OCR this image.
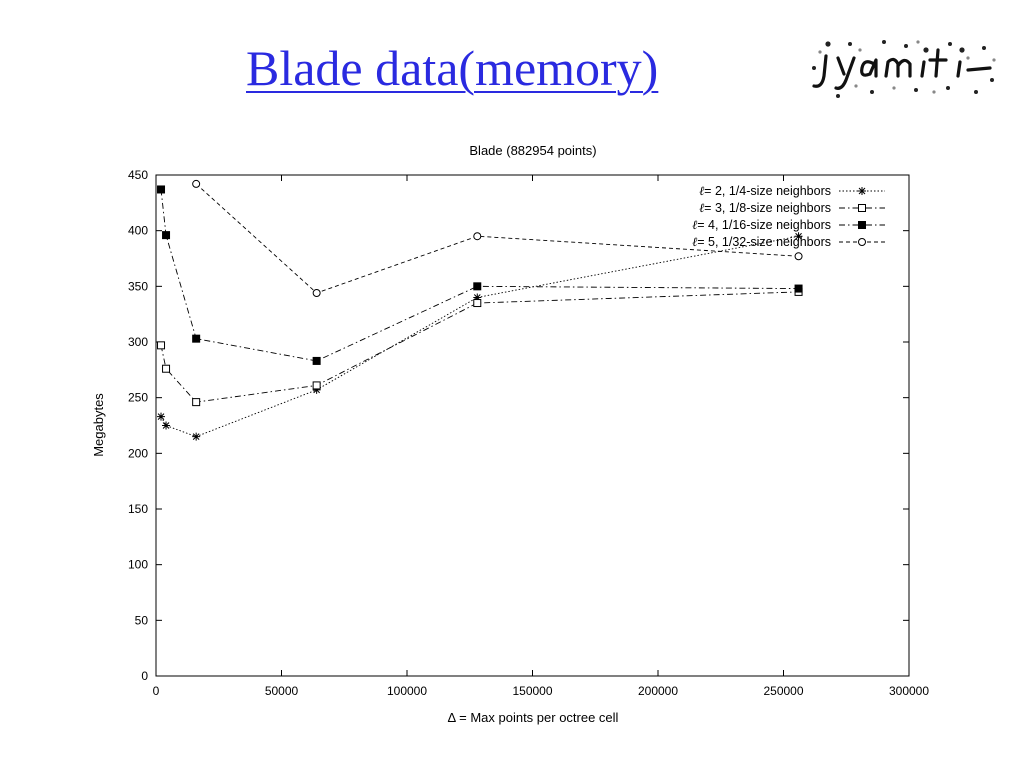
Blade data(memory)
Blade (882954 points)
0
50
100
150
200
250
300
350
400
450
0	50000	100000	150000	200000	250000	300000
ℓ= 2, 1/4-size neighbors
ℓ= 3, 1/8-size neighbors
ℓ= 4, 1/16-size neighbors
ℓ= 5, 1/32-size neighbors
Megabytes
Δ = Max points per octree cell
